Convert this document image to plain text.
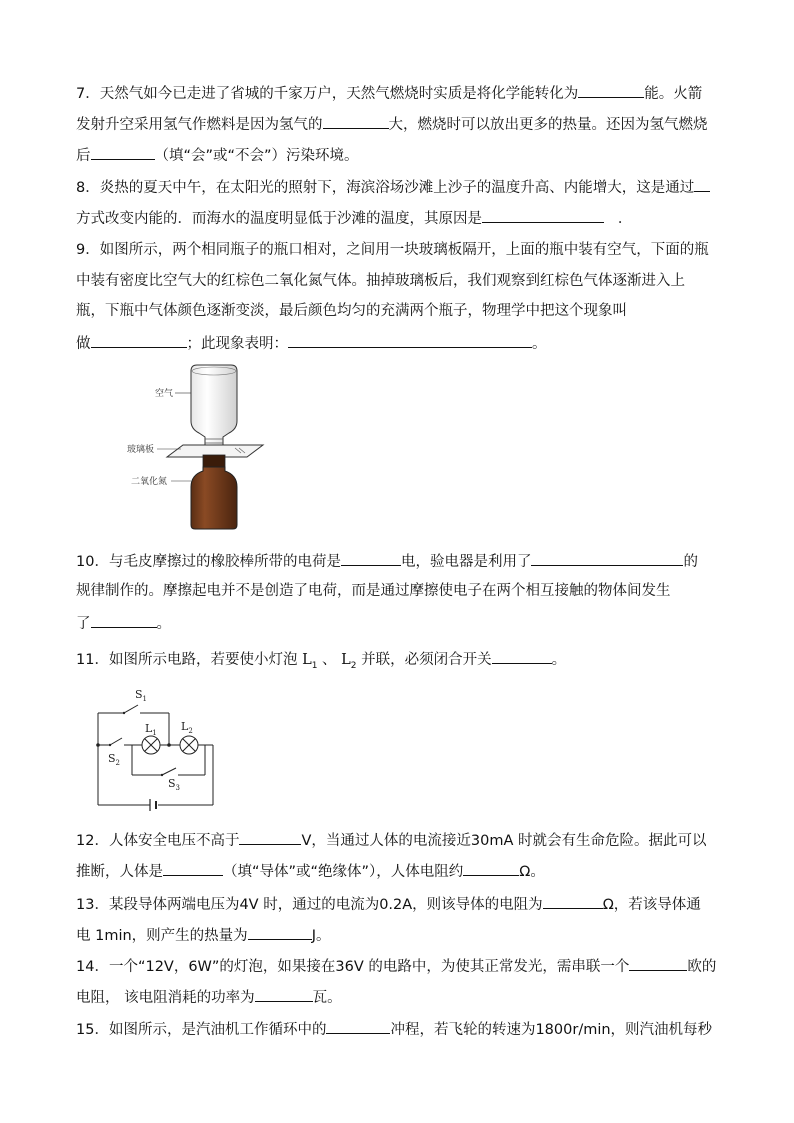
7．天然气如今已走进了省城的千家万户，天然气燃烧时实质是将化学能转化为	能。火箭
发射升空采用氢气作燃料是因为氢气的	大，燃烧时可以放出更多的热量。还因为氢气燃烧
后	（填“会”或“不会”）污染环境。
8．炎热的夏天中午，在太阳光的照射下，海滨浴场沙滩上沙子的温度升高、内能增大，这是通过
方式改变内能的．而海水的温度明显低于沙滩的温度，其原因是	．
9．如图所示，两个相同瓶子的瓶口相对，之间用一块玻璃板隔开，上面的瓶中装有空气，下面的瓶
中装有密度比空气大的红棕色二氧化氮气体。抽掉玻璃板后，我们观察到红棕色气体逐渐进入上
瓶，下瓶中气体颜色逐渐变淡，最后颜色均匀的充满两个瓶子，物理学中把这个现象叫
做	；此现象表明：	。
空气
玻璃板
二氧化氮
10．与毛皮摩擦过的橡胶棒所带的电荷是	电，验电器是利用了	的
规律制作的。摩擦起电并不是创造了电荷，而是通过摩擦使电子在两个相互接触的物体间发生
了	。
11．如图所示电路，若要使小灯泡 $L_1$ 、 $L_2$ 并联，必须闭合开关	。
$S_1$
$L_1$ $L_2$
$S_2$
$S_3$
12．人体安全电压不高于	V，当通过人体的电流接近30mA 时就会有生命危险。据此可以
推断，人体是	（填“导体”或“绝缘体”），人体电阻约	Ω。
13．某段导体两端电压为4V 时，通过的电流为0.2A，则该导体的电阻为	Ω，若该导体通
电 1min，则产生的热量为	J。
14．一个“12V，6W”的灯泡，如果接在36V 的电路中，为使其正常发光，需串联一个	欧的
电阻， 该电阻消耗的功率为	瓦。
15．如图所示，是汽油机工作循环中的	冲程，若飞轮的转速为1800r/min，则汽油机每秒
